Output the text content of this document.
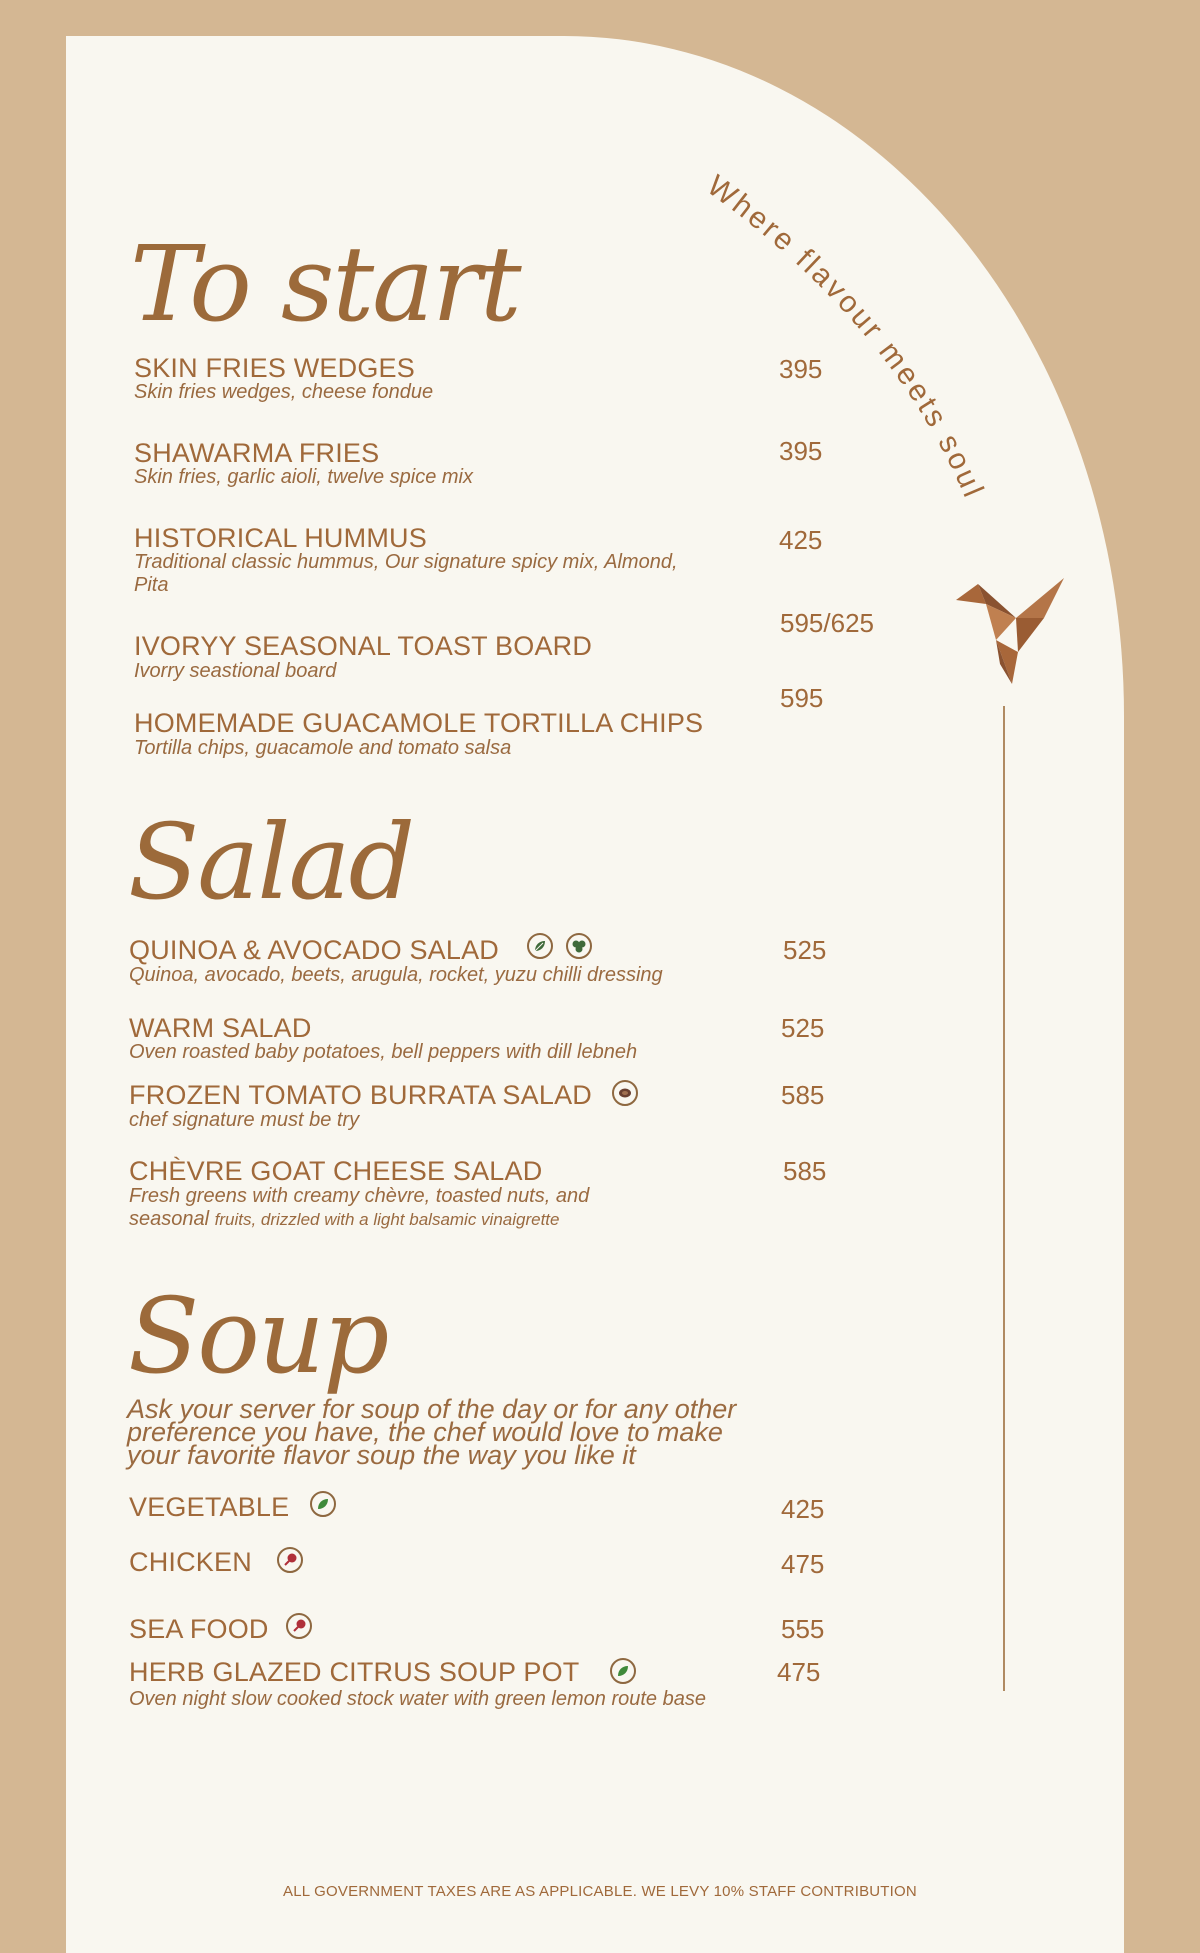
Where flavour meets soul
To start
SKIN FRIES WEDGES
Skin fries wedges, cheese fondue
395
SHAWARMA FRIES
Skin fries, garlic aioli, twelve spice mix
395
HISTORICAL HUMMUS
Traditional classic hummus, Our signature spicy mix, Almond, Pita
425
IVORYY SEASONAL TOAST BOARD
Ivorry seastional board
595/625
HOMEMADE GUACAMOLE TORTILLA CHIPS
Tortilla chips, guacamole and tomato salsa
595
Salad
QUINOA & AVOCADO SALAD
Quinoa, avocado, beets, arugula, rocket, yuzu chilli dressing
525
WARM SALAD
Oven roasted baby potatoes, bell peppers with dill lebneh
525
FROZEN TOMATO BURRATA SALAD
chef signature must be try
585
CHÈVRE GOAT CHEESE SALAD
Fresh greens with creamy chèvre, toasted nuts, and
seasonal fruits, drizzled with a light balsamic vinaigrette
585
Soup
Ask your server for soup of the day or for any other preference you have, the chef would love to make your favorite flavor soup the way you like it
VEGETABLE	425
CHICKEN	475
SEA FOOD	555
HERB GLAZED CITRUS SOUP POT
Oven night slow cooked stock water with green lemon route base
475
ALL GOVERNMENT TAXES ARE AS APPLICABLE. WE LEVY 10% STAFF CONTRIBUTION
